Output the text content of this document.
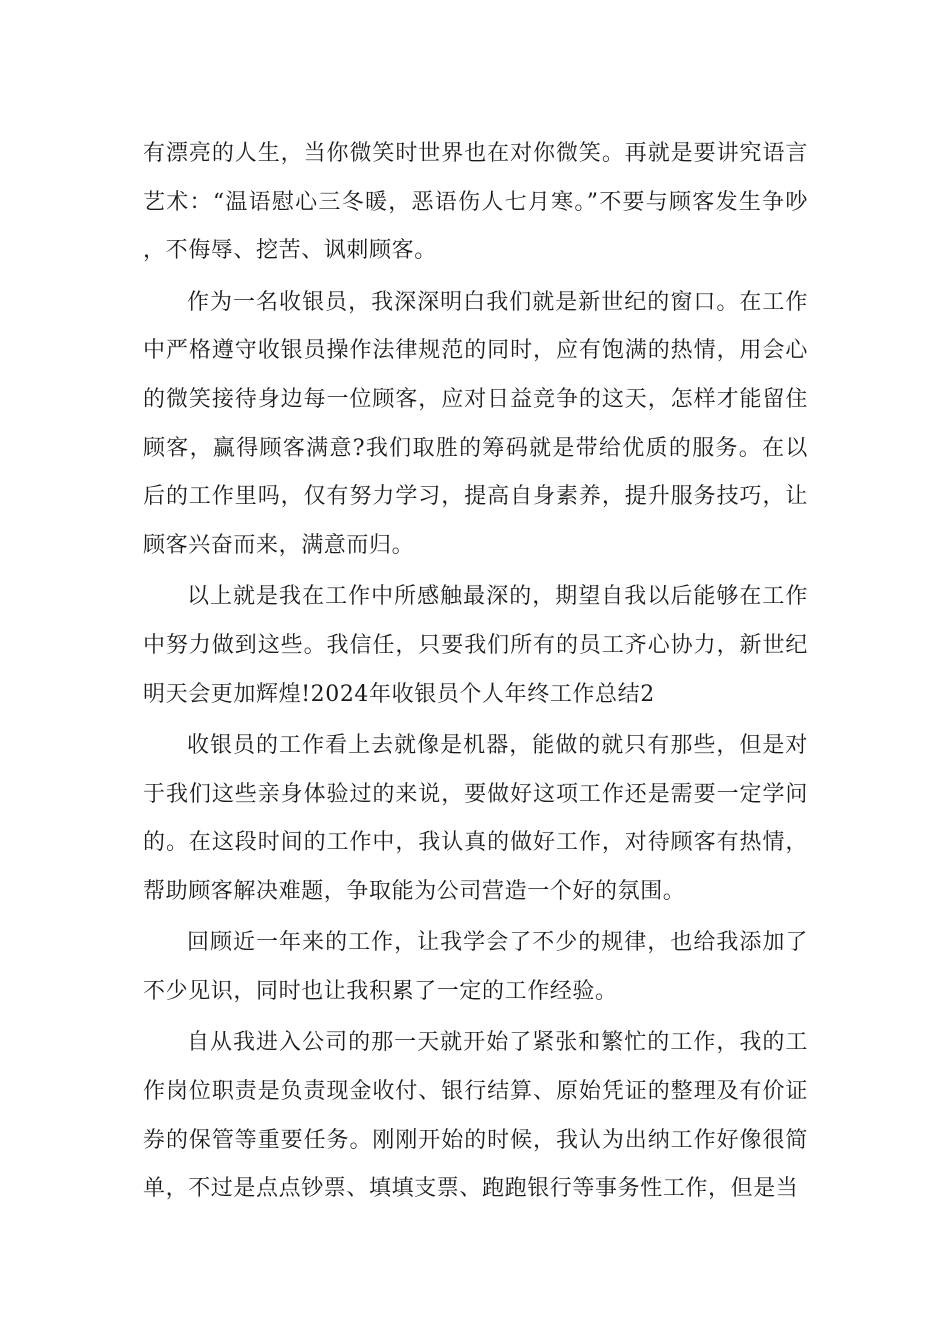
有漂亮的人生，当你微笑时世界也在对你微笑。再就是要讲究语言艺术：“温语慰心三冬暖，恶语伤人七月寒。”不要与顾客发生争吵，不侮辱、挖苦、讽刺顾客。

作为一名收银员，我深深明白我们就是新世纪的窗口。在工作中严格遵守收银员操作法律规范的同时，应有饱满的热情，用会心的微笑接待身边每一位顾客，应对日益竞争的这天，怎样才能留住顾客，赢得顾客满意?我们取胜的筹码就是带给优质的服务。在以后的工作里吗，仅有努力学习，提高自身素养，提升服务技巧，让顾客兴奋而来，满意而归。

以上就是我在工作中所感触最深的，期望自我以后能够在工作中努力做到这些。我信任，只要我们所有的员工齐心协力，新世纪明天会更加辉煌!2024年收银员个人年终工作总结2

收银员的工作看上去就像是机器，能做的就只有那些，但是对于我们这些亲身体验过的来说，要做好这项工作还是需要一定学问的。在这段时间的工作中，我认真的做好工作，对待顾客有热情，帮助顾客解决难题，争取能为公司营造一个好的氛围。

回顾近一年来的工作，让我学会了不少的规律，也给我添加了不少见识，同时也让我积累了一定的工作经验。

自从我进入公司的那一天就开始了紧张和繁忙的工作，我的工作岗位职责是负责现金收付、银行结算、原始凭证的整理及有价证券的保管等重要任务。刚刚开始的时候，我认为出纳工作好像很简单，不过是点点钞票、填填支票、跑跑银行等事务性工作，但是当
